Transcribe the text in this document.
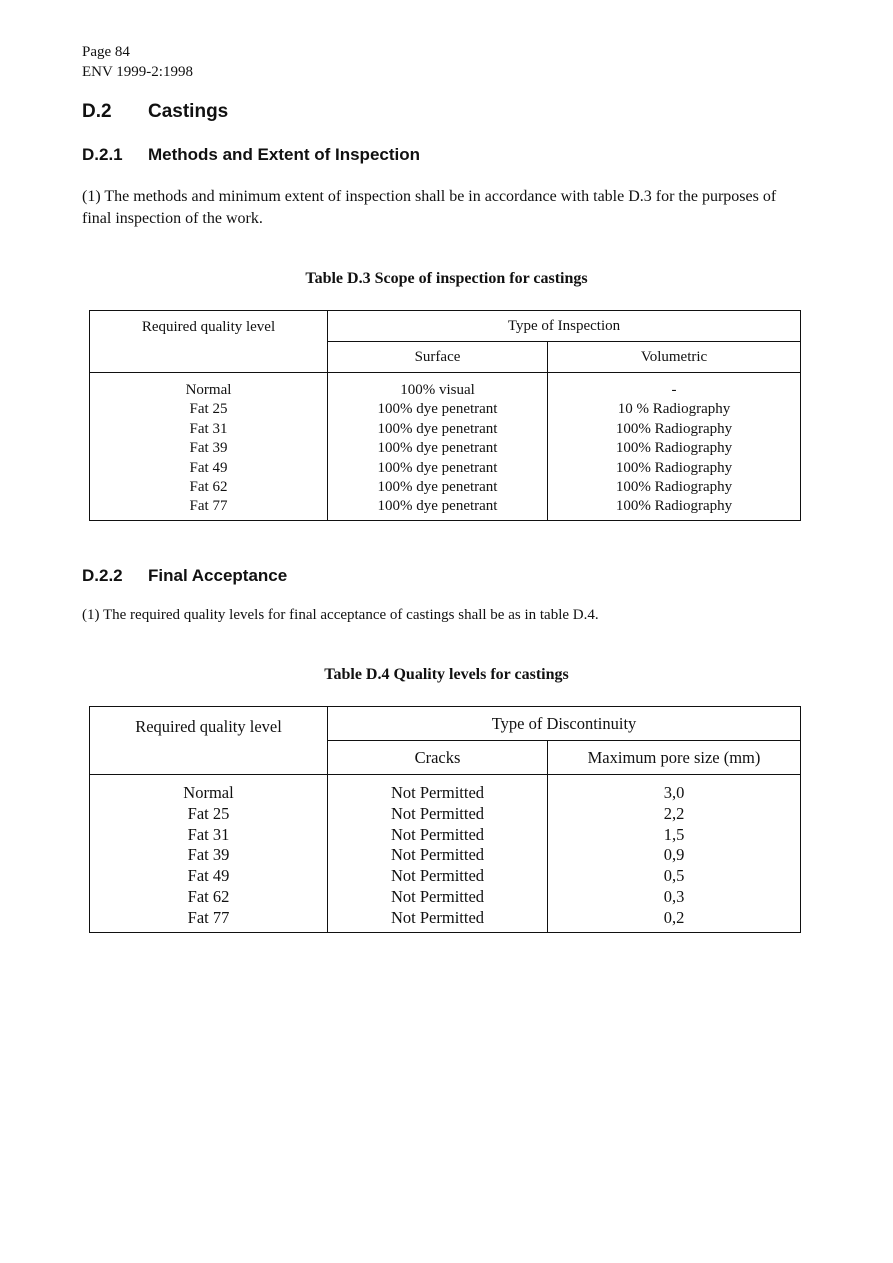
Page 84
ENV 1999-2:1998
D.2 Castings
D.2.1 Methods and Extent of Inspection

(1) The methods and minimum extent of inspection shall be in accordance with table D.3 for the purposes of final inspection of the work.

Table D.3 Scope of inspection for castings
Required quality level	Type of Inspection	
	Surface	Volumetric
Normal	100% visual	-
Fat 25	100% dye penetrant	10 % Radiography
Fat 31	100% dye penetrant	100% Radiography
Fat 39	100% dye penetrant	100% Radiography
Fat 49	100% dye penetrant	100% Radiography
Fat 62	100% dye penetrant	100% Radiography
Fat 77	100% dye penetrant	100% Radiography
D.2.2 Final Acceptance

(1) The required quality levels for final acceptance of castings shall be as in table D.4.

Table D.4 Quality levels for castings
Required quality level	Type of Discontinuity	
	Cracks	Maximum pore size (mm)
Normal	Not Permitted	3,0
Fat 25	Not Permitted	2,2
Fat 31	Not Permitted	1,5
Fat 39	Not Permitted	0,9
Fat 49	Not Permitted	0,5
Fat 62	Not Permitted	0,3
Fat 77	Not Permitted	0,2
